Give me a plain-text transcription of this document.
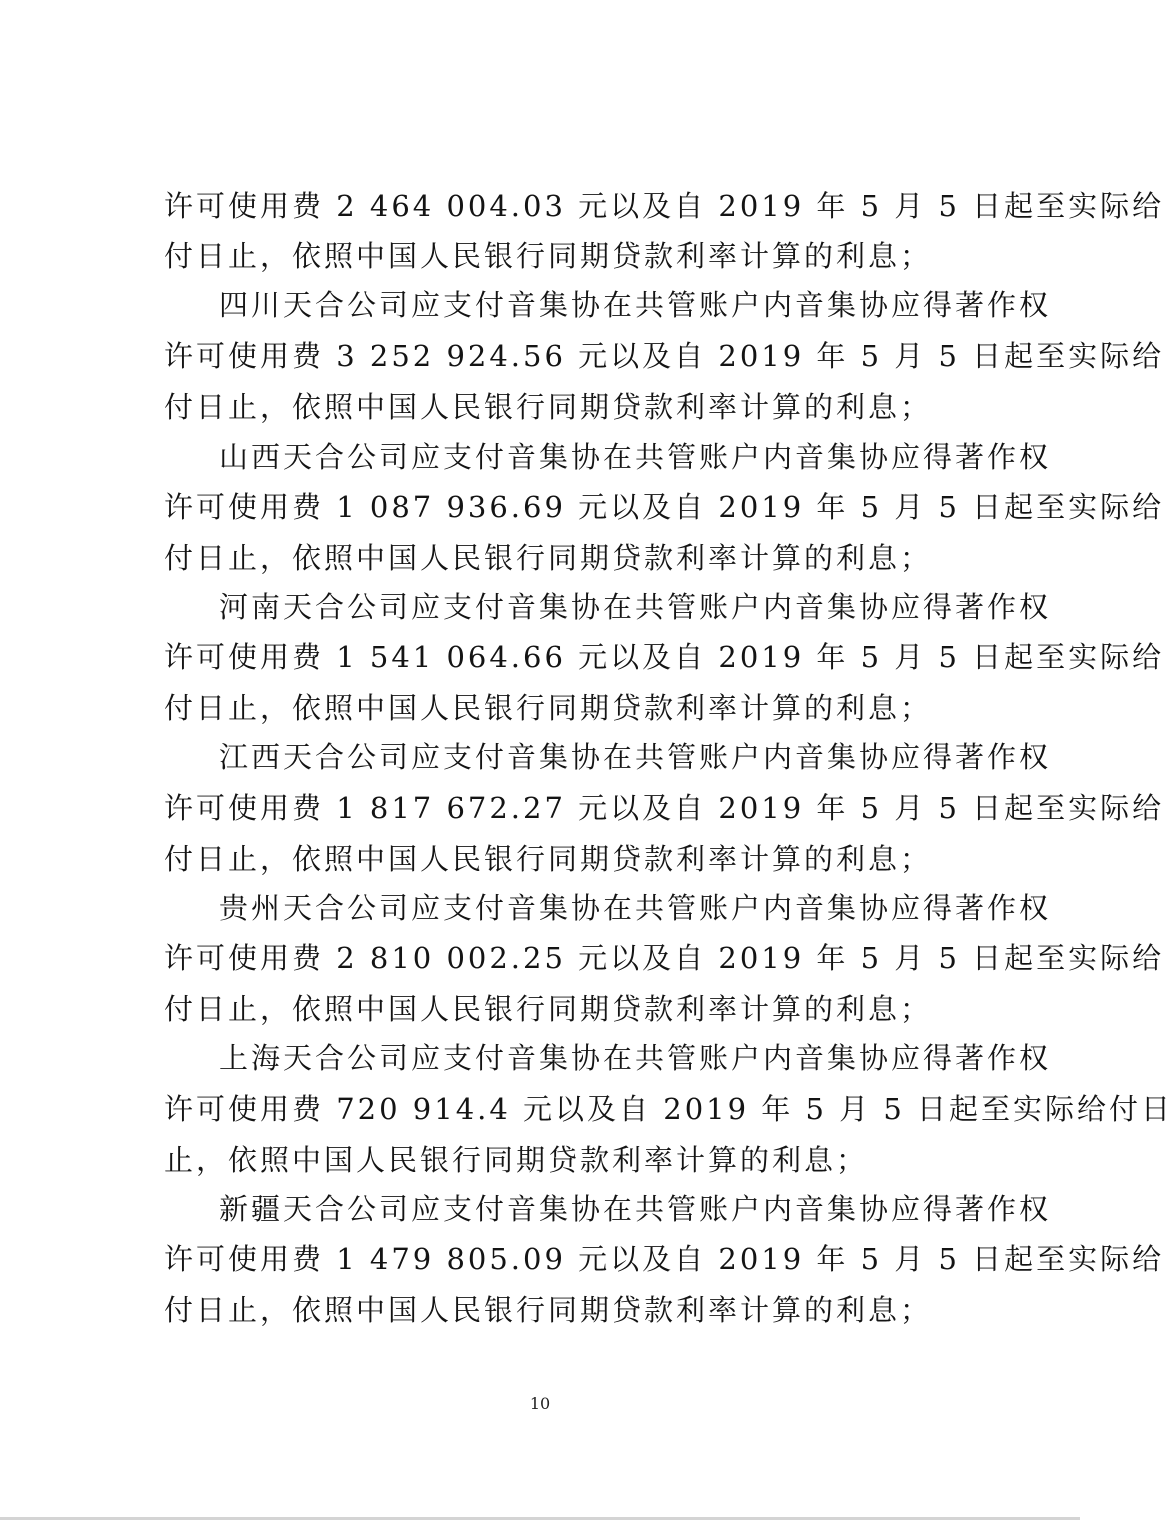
许可使用费 2 464 004.03 元以及自 2019 年 5 月 5 日起至实际给
付日止，依照中国人民银行同期贷款利率计算的利息；
四川天合公司应支付音集协在共管账户内音集协应得著作权
许可使用费 3 252 924.56 元以及自 2019 年 5 月 5 日起至实际给
付日止，依照中国人民银行同期贷款利率计算的利息；
山西天合公司应支付音集协在共管账户内音集协应得著作权
许可使用费 1 087 936.69 元以及自 2019 年 5 月 5 日起至实际给
付日止，依照中国人民银行同期贷款利率计算的利息；
河南天合公司应支付音集协在共管账户内音集协应得著作权
许可使用费 1 541 064.66 元以及自 2019 年 5 月 5 日起至实际给
付日止，依照中国人民银行同期贷款利率计算的利息；
江西天合公司应支付音集协在共管账户内音集协应得著作权
许可使用费 1 817 672.27 元以及自 2019 年 5 月 5 日起至实际给
付日止，依照中国人民银行同期贷款利率计算的利息；
贵州天合公司应支付音集协在共管账户内音集协应得著作权
许可使用费 2 810 002.25 元以及自 2019 年 5 月 5 日起至实际给
付日止，依照中国人民银行同期贷款利率计算的利息；
上海天合公司应支付音集协在共管账户内音集协应得著作权
许可使用费 720 914.4 元以及自 2019 年 5 月 5 日起至实际给付日
止，依照中国人民银行同期贷款利率计算的利息；
新疆天合公司应支付音集协在共管账户内音集协应得著作权
许可使用费 1 479 805.09 元以及自 2019 年 5 月 5 日起至实际给
付日止，依照中国人民银行同期贷款利率计算的利息；
10
